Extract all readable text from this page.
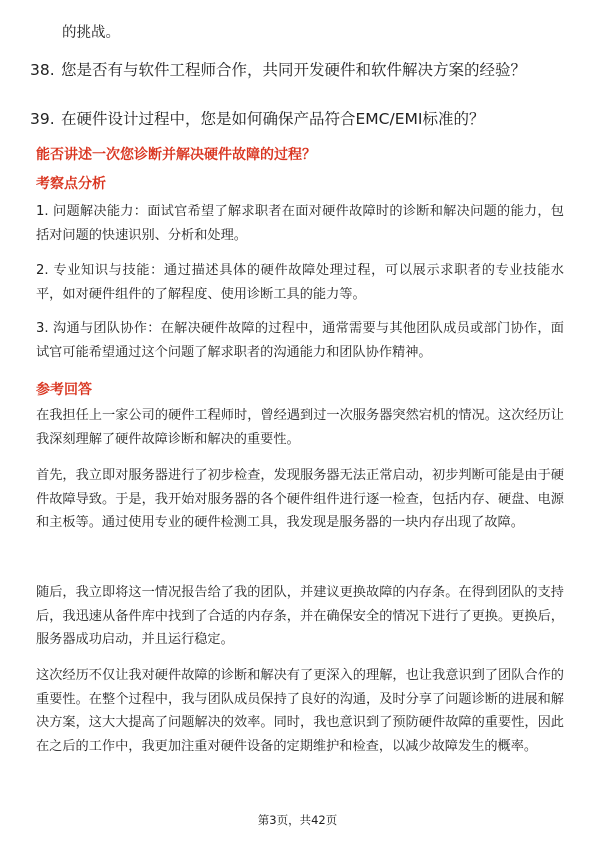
的挑战。
38. 您是否有与软件工程师合作，共同开发硬件和软件解决方案的经验？
39. 在硬件设计过程中，您是如何确保产品符合EMC/EMI标准的？
能否讲述一次您诊断并解决硬件故障的过程？
考察点分析
1. 问题解决能力：面试官希望了解求职者在面对硬件故障时的诊断和解决问题的能力，包括对问题的快速识别、分析和处理。
2. 专业知识与技能：通过描述具体的硬件故障处理过程，可以展示求职者的专业技能水平，如对硬件组件的了解程度、使用诊断工具的能力等。
3. 沟通与团队协作：在解决硬件故障的过程中，通常需要与其他团队成员或部门协作，面试官可能希望通过这个问题了解求职者的沟通能力和团队协作精神。
参考回答
在我担任上一家公司的硬件工程师时，曾经遇到过一次服务器突然宕机的情况。这次经历让我深刻理解了硬件故障诊断和解决的重要性。
首先，我立即对服务器进行了初步检查，发现服务器无法正常启动，初步判断可能是由于硬件故障导致。于是，我开始对服务器的各个硬件组件进行逐一检查，包括内存、硬盘、电源和主板等。通过使用专业的硬件检测工具，我发现是服务器的一块内存出现了故障。
随后，我立即将这一情况报告给了我的团队，并建议更换故障的内存条。在得到团队的支持后，我迅速从备件库中找到了合适的内存条，并在确保安全的情况下进行了更换。更换后，服务器成功启动，并且运行稳定。
这次经历不仅让我对硬件故障的诊断和解决有了更深入的理解，也让我意识到了团队合作的重要性。在整个过程中，我与团队成员保持了良好的沟通，及时分享了问题诊断的进展和解决方案，这大大提高了问题解决的效率。同时，我也意识到了预防硬件故障的重要性，因此在之后的工作中，我更加注重对硬件设备的定期维护和检查，以减少故障发生的概率。
第3页，共42页
